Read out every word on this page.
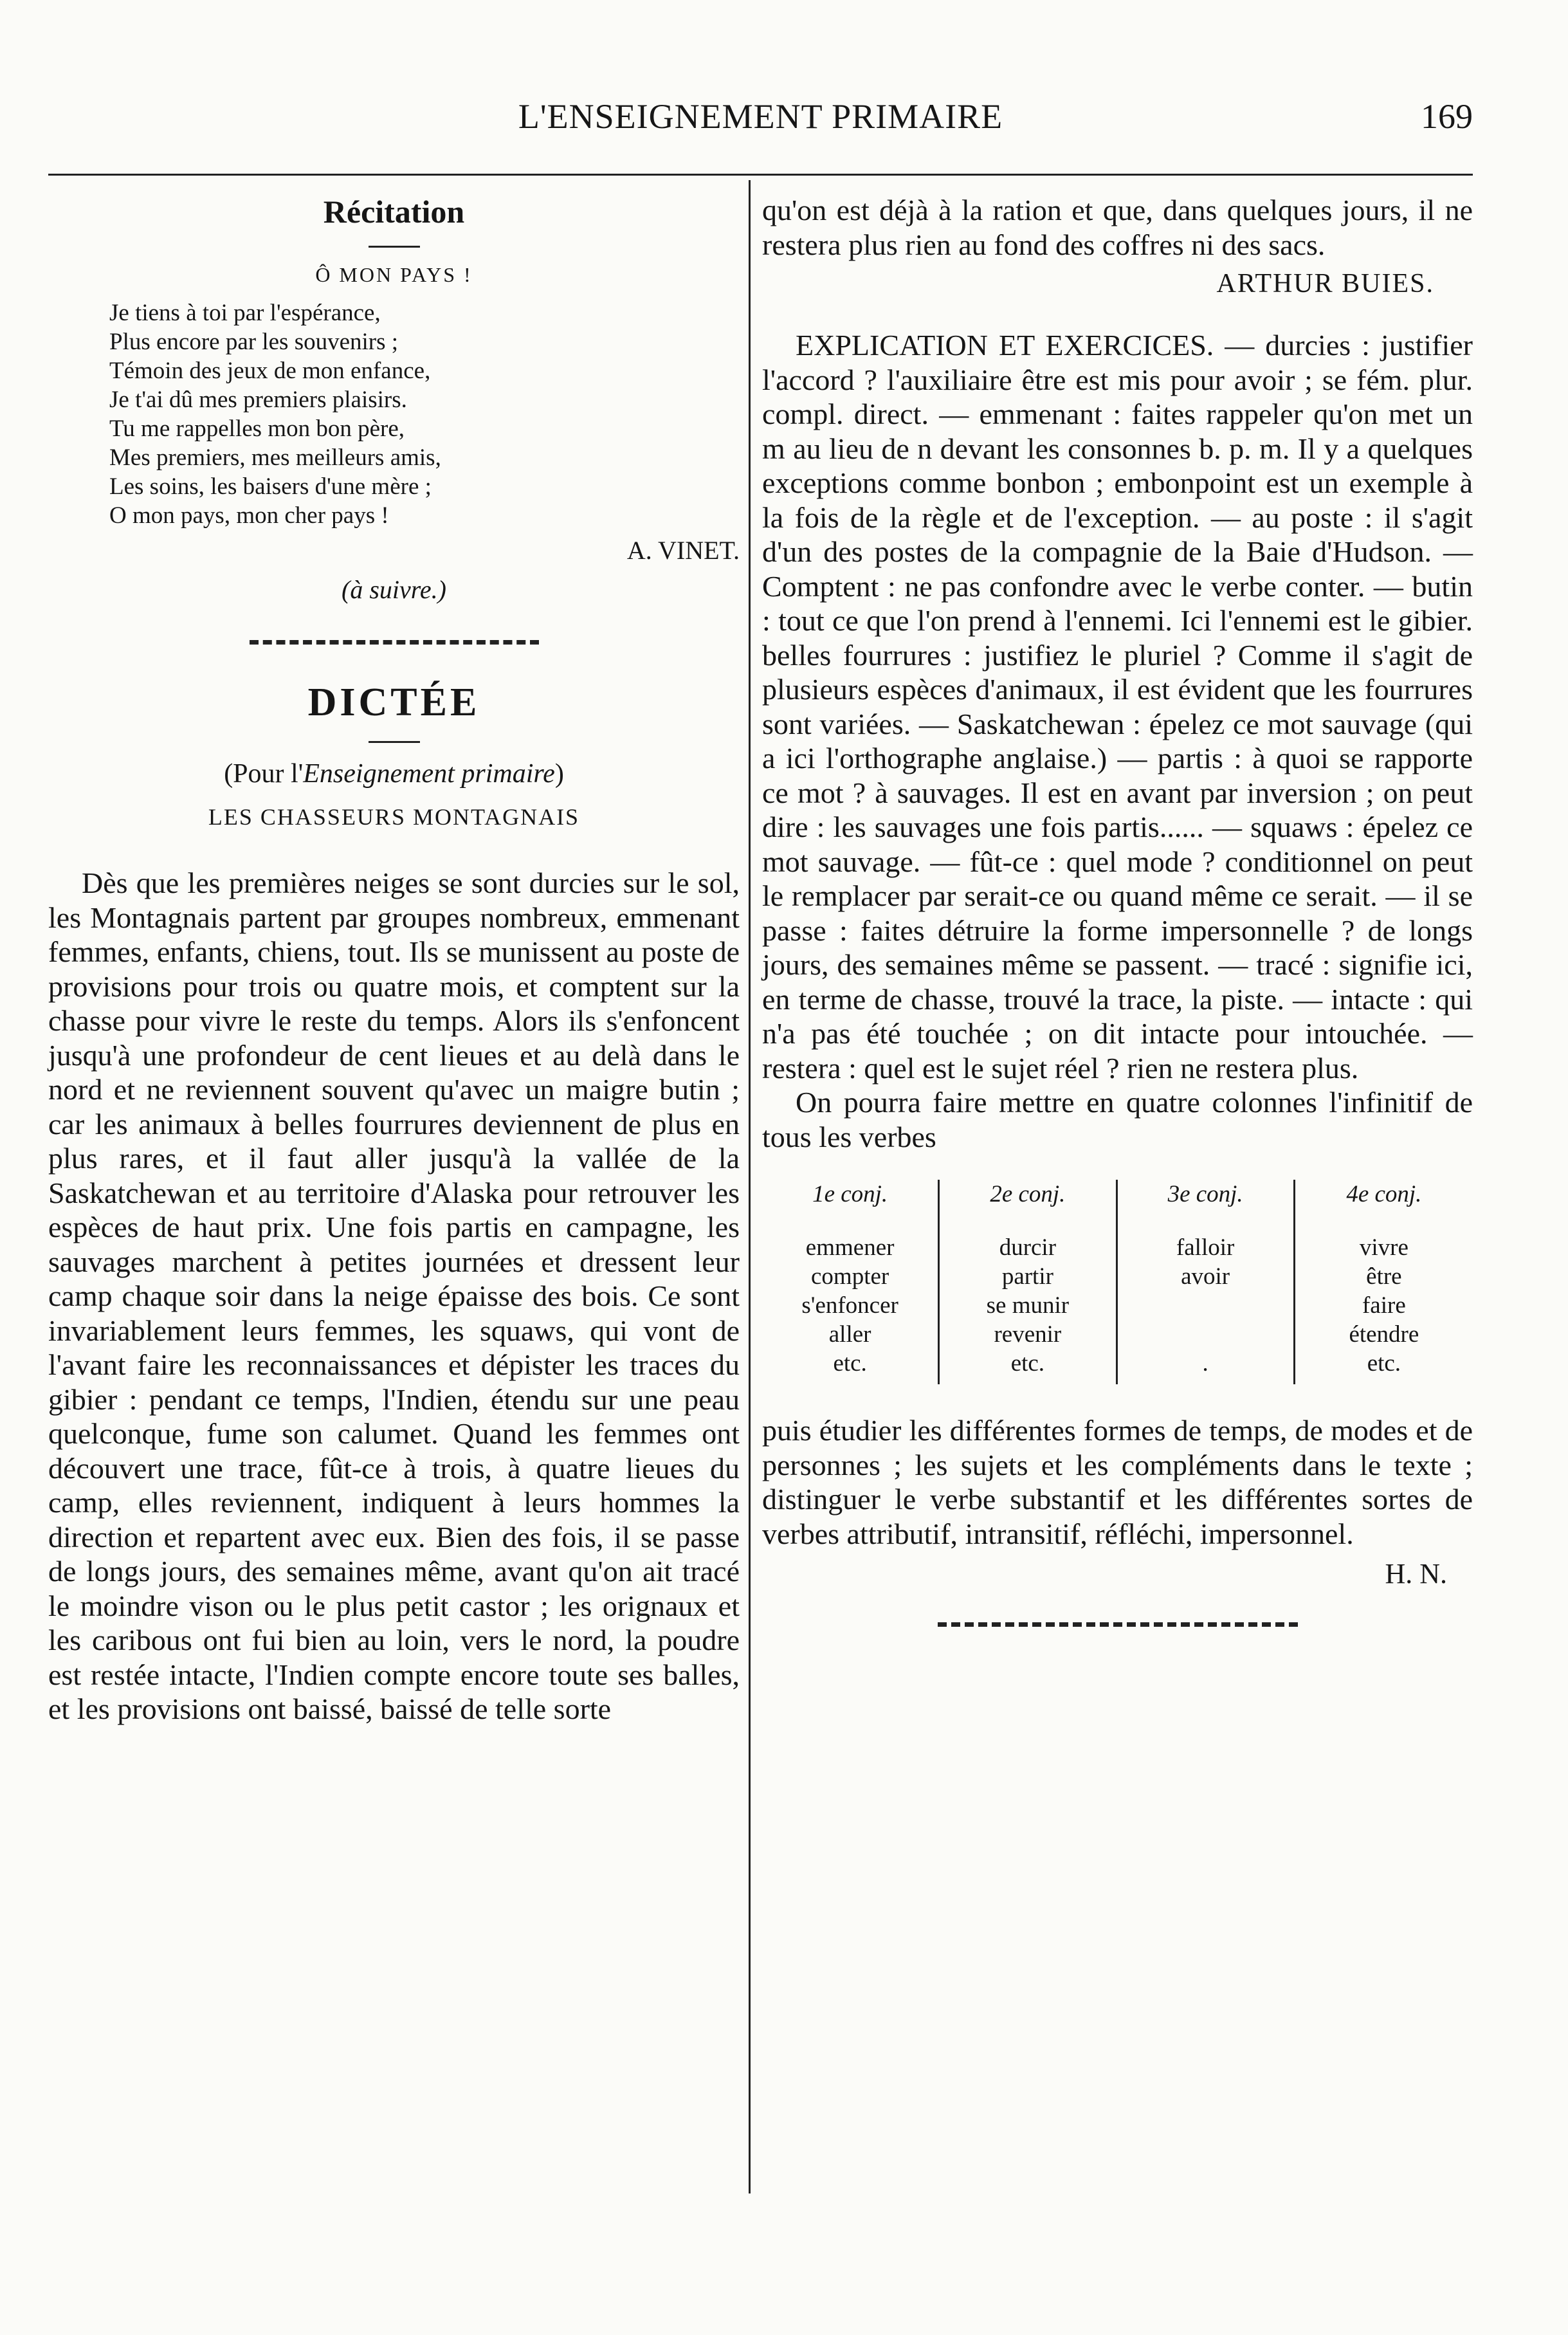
L'ENSEIGNEMENT PRIMAIRE	169
Récitation
Ô MON PAYS !
Je tiens à toi par l'espérance,
Plus encore par les souvenirs ;
Témoin des jeux de mon enfance,
Je t'ai dû mes premiers plaisirs.
Tu me rappelles mon bon père,
Mes premiers, mes meilleurs amis,
Les soins, les baisers d'une mère ;
O mon pays, mon cher pays !
A. VINET.
(à suivre.)
DICTÉE
(Pour l'Enseignement primaire)
LES CHASSEURS MONTAGNAIS

Dès que les premières neiges se sont durcies sur le sol, les Montagnais partent par groupes nombreux, emmenant femmes, enfants, chiens, tout. Ils se munissent au poste de provisions pour trois ou quatre mois, et comptent sur la chasse pour vivre le reste du temps. Alors ils s'enfoncent jusqu'à une profondeur de cent lieues et au delà dans le nord et ne reviennent souvent qu'avec un maigre butin ; car les animaux à belles fourrures deviennent de plus en plus rares, et il faut aller jusqu'à la vallée de la Saskatchewan et au territoire d'Alaska pour retrouver les espèces de haut prix. Une fois partis en campagne, les sauvages marchent à petites journées et dressent leur camp chaque soir dans la neige épaisse des bois. Ce sont invariablement leurs femmes, les squaws, qui vont de l'avant faire les reconnaissances et dépister les traces du gibier : pendant ce temps, l'Indien, étendu sur une peau quelconque, fume son calumet. Quand les femmes ont découvert une trace, fût-ce à trois, à quatre lieues du camp, elles reviennent, indiquent à leurs hommes la direction et repartent avec eux. Bien des fois, il se passe de longs jours, des semaines même, avant qu'on ait tracé le moindre vison ou le plus petit castor ; les orignaux et les caribous ont fui bien au loin, vers le nord, la poudre est restée intacte, l'Indien compte encore toute ses balles, et les provisions ont baissé, baissé de telle sorte

qu'on est déjà à la ration et que, dans quelques jours, il ne restera plus rien au fond des coffres ni des sacs.

ARTHUR BUIES.

EXPLICATION ET EXERCICES. — durcies : justifier l'accord ? l'auxiliaire être est mis pour avoir ; se fém. plur. compl. direct. — emmenant : faites rappeler qu'on met un m au lieu de n devant les consonnes b. p. m. Il y a quelques exceptions comme bonbon ; embonpoint est un exemple à la fois de la règle et de l'exception. — au poste : il s'agit d'un des postes de la compagnie de la Baie d'Hudson. — Comptent : ne pas confondre avec le verbe conter. — butin : tout ce que l'on prend à l'ennemi. Ici l'ennemi est le gibier. belles fourrures : justifiez le pluriel ? Comme il s'agit de plusieurs espèces d'animaux, il est évident que les fourrures sont variées. — Saskatchewan : épelez ce mot sauvage (qui a ici l'orthographe anglaise.) — partis : à quoi se rapporte ce mot ? à sauvages. Il est en avant par inversion ; on peut dire : les sauvages une fois partis...... — squaws : épelez ce mot sauvage. — fût-ce : quel mode ? conditionnel on peut le remplacer par serait-ce ou quand même ce serait. — il se passe : faites détruire la forme impersonnelle ? de longs jours, des semaines même se passent. — tracé : signifie ici, en terme de chasse, trouvé la trace, la piste. — intacte : qui n'a pas été touchée ; on dit intacte pour intouchée. — restera : quel est le sujet réel ? rien ne restera plus.

On pourra faire mettre en quatre colonnes l'infinitif de tous les verbes

1e conj.
emmener
compter
s'enfoncer
aller
etc.
2e conj.
durcir
partir
se munir
revenir
etc.
3e conj.
falloir
avoir

.
4e conj.
vivre
être
faire
étendre
etc.

puis étudier les différentes formes de temps, de modes et de personnes ; les sujets et les compléments dans le texte ; distinguer le verbe substantif et les différentes sortes de verbes attributif, intransitif, réfléchi, impersonnel.

H. N.
